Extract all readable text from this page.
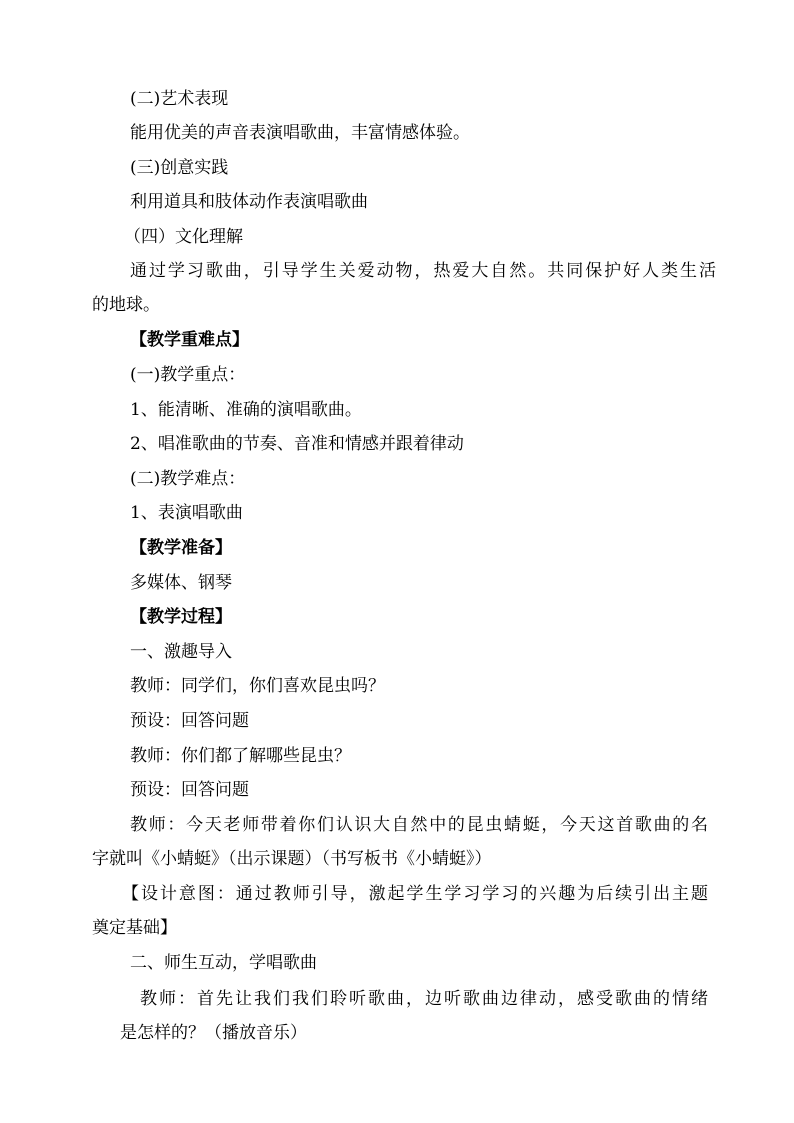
(二)艺术表现
能用优美的声音表演唱歌曲，丰富情感体验。
(三)创意实践
利用道具和肢体动作表演唱歌曲
（四）文化理解
通过学习歌曲，引导学生关爱动物，热爱大自然。共同保护好人类生活
的地球。
【教学重难点】
(一)教学重点：
1、能清晰、准确的演唱歌曲。
2、唱准歌曲的节奏、音准和情感并跟着律动
(二)教学难点：
1、表演唱歌曲
【教学准备】
多媒体、钢琴
【教学过程】
一、激趣导入
教师：同学们，你们喜欢昆虫吗？
预设：回答问题
教师：你们都了解哪些昆虫？
预设：回答问题
教师：今天老师带着你们认识大自然中的昆虫蜻蜓，今天这首歌曲的名
字就叫《小蜻蜓》（出示课题）（书写板书《小蜻蜓》）
【设计意图：通过教师引导，激起学生学习学习的兴趣为后续引出主题
奠定基础】
二、师生互动，学唱歌曲
教师：首先让我们我们聆听歌曲，边听歌曲边律动，感受歌曲的情绪
是怎样的？（播放音乐）
